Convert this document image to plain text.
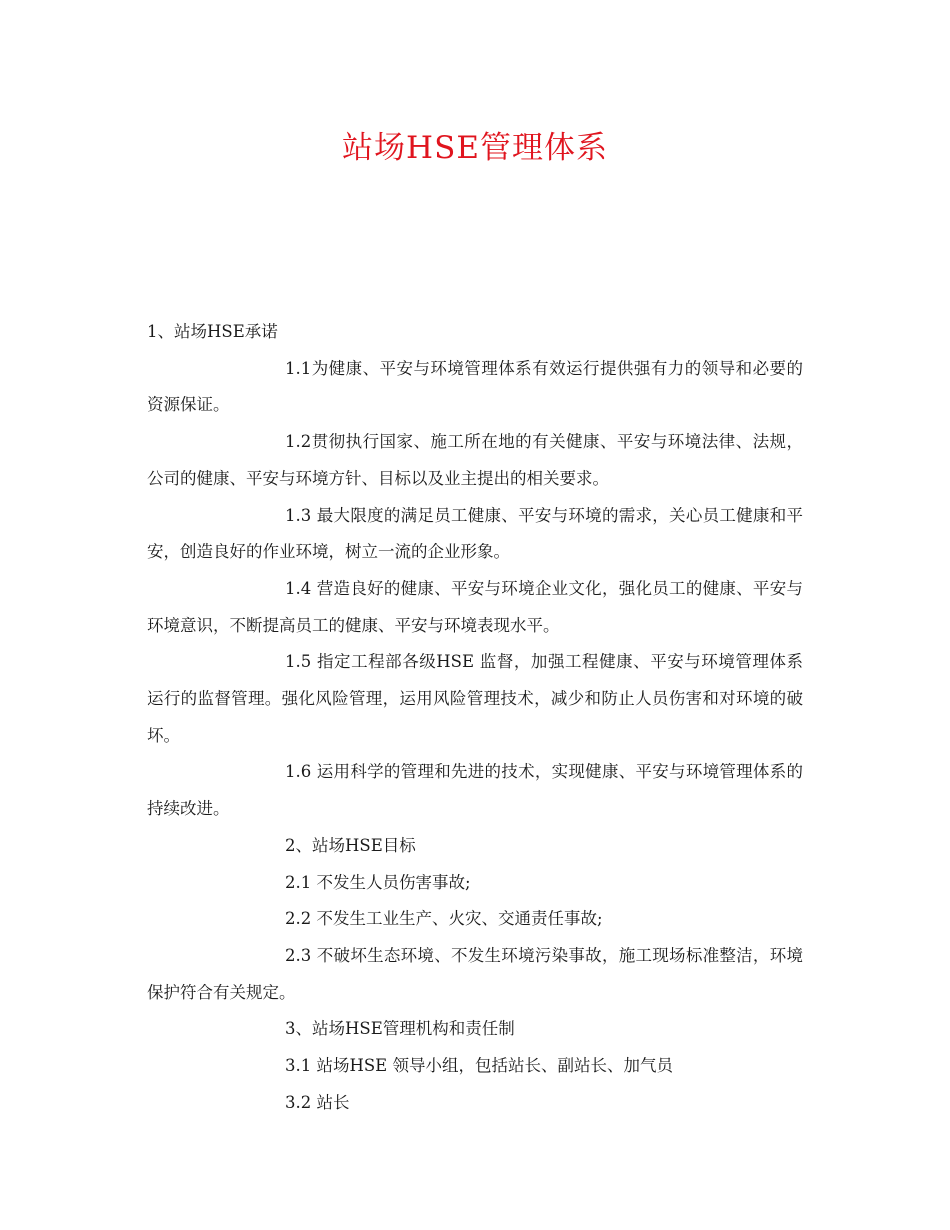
站场HSE管理体系

1、站场HSE承诺

1.1为健康、平安与环境管理体系有效运行提供强有力的领导和必要的资源保证。

1.2贯彻执行国家、施工所在地的有关健康、平安与环境法律、法规，公司的健康、平安与环境方针、目标以及业主提出的相关要求。

1.3 最大限度的满足员工健康、平安与环境的需求，关心员工健康和平安，创造良好的作业环境，树立一流的企业形象。

1.4 营造良好的健康、平安与环境企业文化，强化员工的健康、平安与环境意识，不断提高员工的健康、平安与环境表现水平。

1.5 指定工程部各级HSE 监督，加强工程健康、平安与环境管理体系运行的监督管理。强化风险管理，运用风险管理技术，减少和防止人员伤害和对环境的破坏。

1.6 运用科学的管理和先进的技术，实现健康、平安与环境管理体系的持续改进。

2、站场HSE目标

2.1 不发生人员伤害事故;

2.2 不发生工业生产、火灾、交通责任事故;

2.3 不破坏生态环境、不发生环境污染事故，施工现场标准整洁，环境保护符合有关规定。

3、站场HSE管理机构和责任制

3.1 站场HSE 领导小组，包括站长、副站长、加气员

3.2 站长
